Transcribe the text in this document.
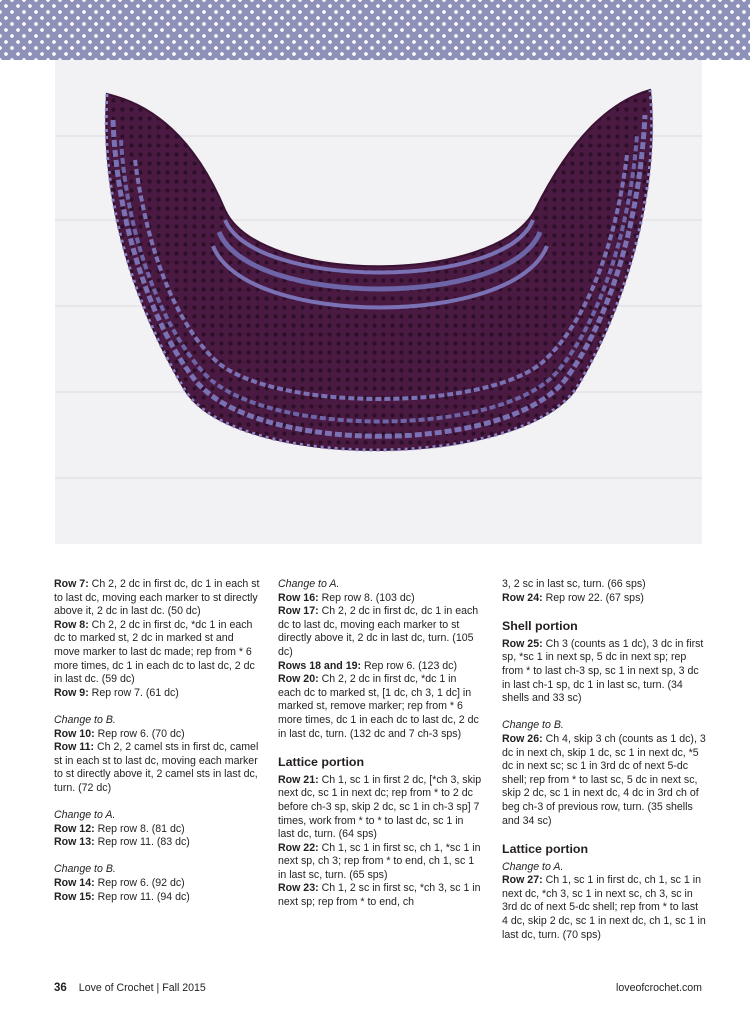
Row 7: Ch 2, 2 dc in first dc, dc 1 in each st to last dc, moving each marker to st directly above it, 2 dc in last dc. (50 dc)

Row 8: Ch 2, 2 dc in first dc, *dc 1 in each dc to marked st, 2 dc in marked st and move marker to last dc made; rep from * 6 more times, dc 1 in each dc to last dc, 2 dc in last dc. (59 dc)

Row 9: Rep row 7. (61 dc)

Change to B.

Row 10: Rep row 6. (70 dc)

Row 11: Ch 2, 2 camel sts in first dc, camel st in each st to last dc, moving each marker to st directly above it, 2 camel sts in last dc, turn. (72 dc)

Change to A.

Row 12: Rep row 8. (81 dc)

Row 13: Rep row 11. (83 dc)

Change to B.

Row 14: Rep row 6. (92 dc)

Row 15: Rep row 11. (94 dc)

Change to A.

Row 16: Rep row 8. (103 dc)

Row 17: Ch 2, 2 dc in first dc, dc 1 in each dc to last dc, moving each marker to st directly above it, 2 dc in last dc, turn. (105 dc)

Rows 18 and 19: Rep row 6. (123 dc)

Row 20: Ch 2, 2 dc in first dc, *dc 1 in each dc to marked st, [1 dc, ch 3, 1 dc] in marked st, remove marker; rep from * 6 more times, dc 1 in each dc to last dc, 2 dc in last dc, turn. (132 dc and 7 ch-3 sps)

Lattice portion

Row 21: Ch 1, sc 1 in first 2 dc, [*ch 3, skip next dc, sc 1 in next dc; rep from * to 2 dc before ch-3 sp, skip 2 dc, sc 1 in ch-3 sp] 7 times, work from * to * to last dc, sc 1 in last dc, turn. (64 sps)

Row 22: Ch 1, sc 1 in first sc, ch 1, *sc 1 in next sp, ch 3; rep from * to end, ch 1, sc 1 in last sc, turn. (65 sps)

Row 23: Ch 1, 2 sc in first sc, *ch 3, sc 1 in next sp; rep from * to end, ch

3, 2 sc in last sc, turn. (66 sps)

Row 24: Rep row 22. (67 sps)

Shell portion

Row 25: Ch 3 (counts as 1 dc), 3 dc in first sp, *sc 1 in next sp, 5 dc in next sp; rep from * to last ch-3 sp, sc 1 in next sp, 3 dc in last ch-1 sp, dc 1 in last sc, turn. (34 shells and 33 sc)

Change to B.

Row 26: Ch 4, skip 3 ch (counts as 1 dc), 3 dc in next ch, skip 1 dc, sc 1 in next dc, *5 dc in next sc; sc 1 in 3rd dc of next 5-dc shell; rep from * to last sc, 5 dc in next sc, skip 2 dc, sc 1 in next dc, 4 dc in 3rd ch of beg ch-3 of previous row, turn. (35 shells and 34 sc)

Lattice portion

Change to A.

Row 27: Ch 1, sc 1 in first dc, ch 1, sc 1 in next dc, *ch 3, sc 1 in next sc, ch 3, sc in 3rd dc of next 5-dc shell; rep from * to last 4 dc, skip 2 dc, sc 1 in next dc, ch 1, sc 1 in last dc, turn. (70 sps)

36 Love of Crochet | Fall 2015	loveofcrochet.com
